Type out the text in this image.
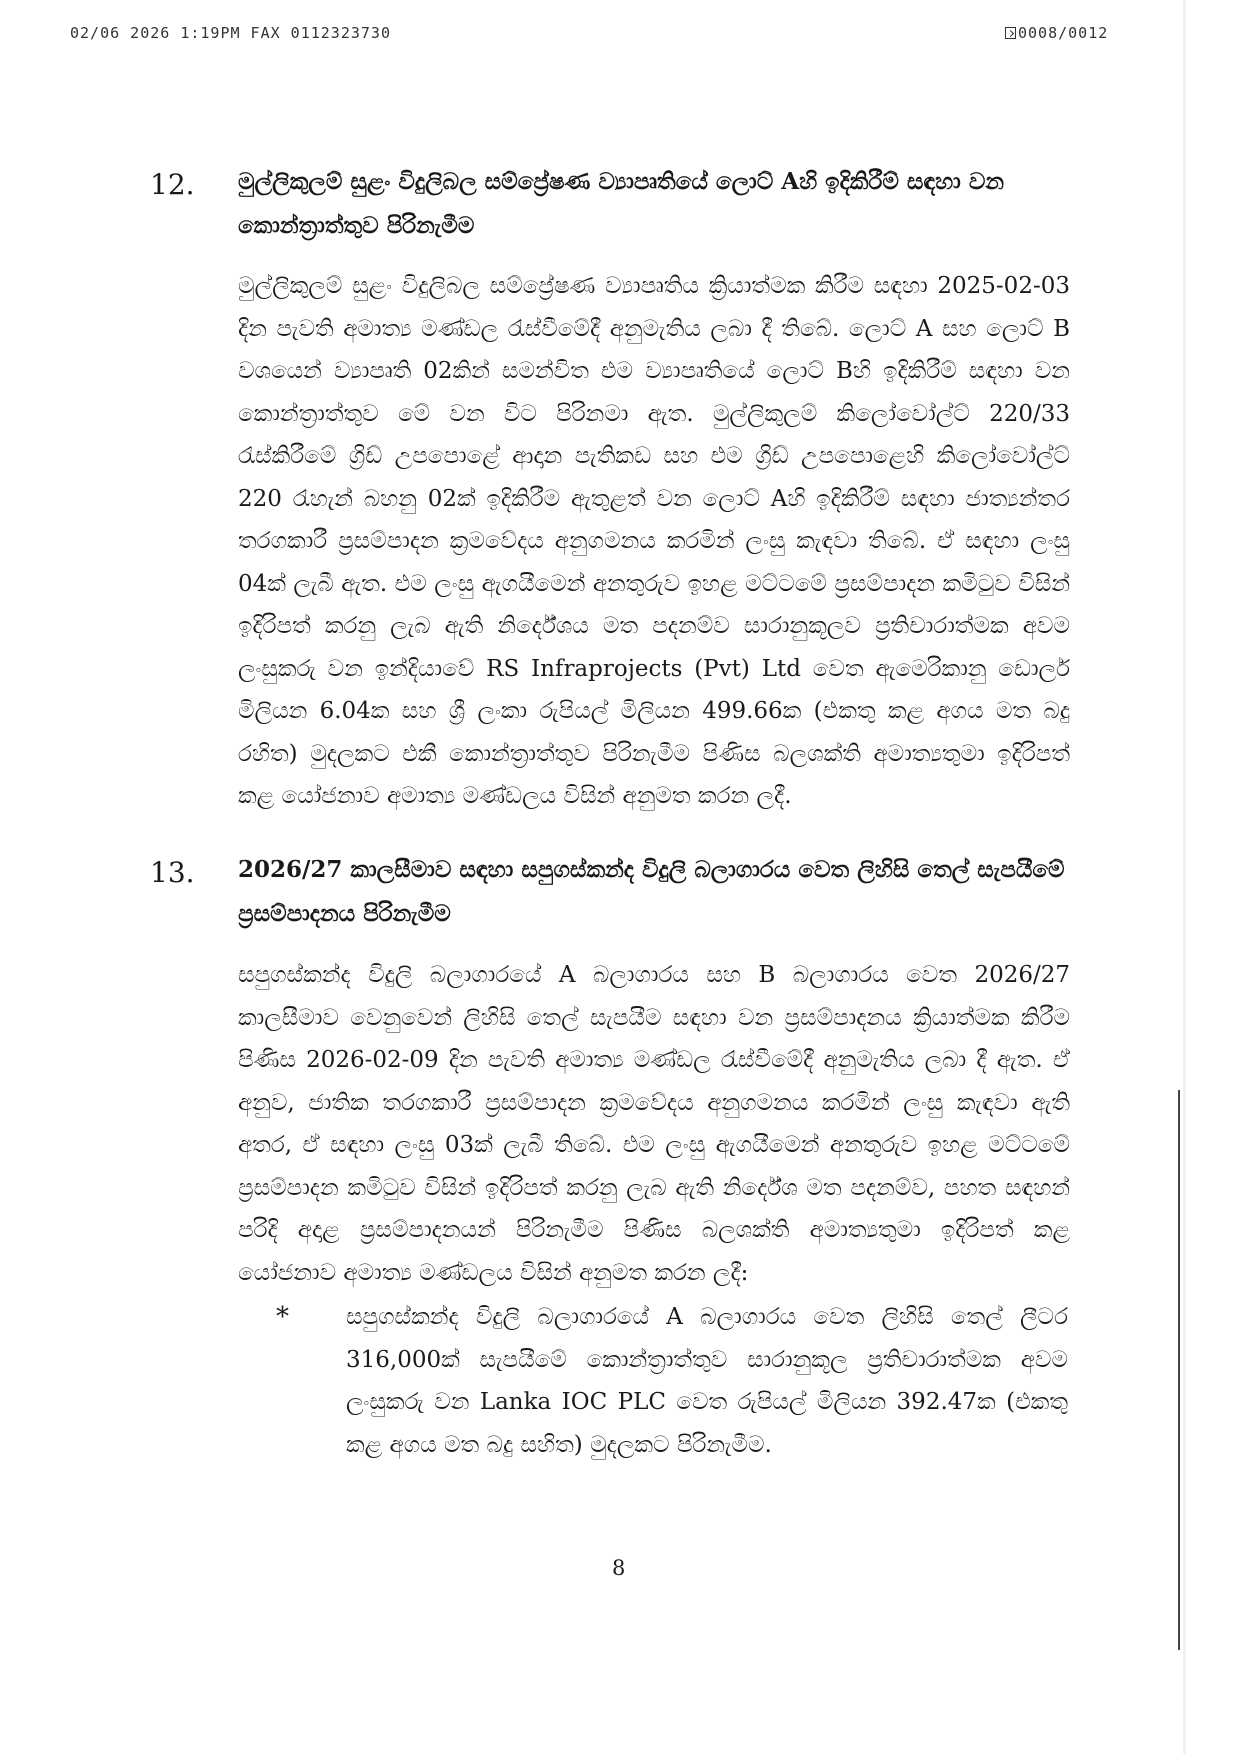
02/06 2026 1:19PM FAX 0112323730	0008/0012
12. මුල්ලිකුලම් සුළං විදුලිබල සම්ප්‍රේෂණ ව්‍යාපෘතියේ ලොට් Aහි ඉදිකිරීම් සඳහා වන කොන්ත්‍රාත්තුව පිරිනැමීම
මුල්ලිකුලම් සුළං විදුලිබල සම්ප්‍රේෂණ ව්‍යාපෘතිය ක්‍රියාත්මක කිරීම සඳහා 2025-02-03 දින පැවති අමාත්‍ය මණ්ඩල රැස්වීමේදී අනුමැතිය ලබා දී තිබේ. ලොට් A සහ ලොට් B වශයෙන් ව්‍යාපෘති 02කින් සමන්විත එම ව්‍යාපෘතියේ ලොට් Bහි ඉදිකිරීම් සඳහා වන කොන්ත්‍රාත්තුව මේ වන විට පිරිනමා ඇත. මුල්ලිකුලම් කිලෝවෝල්ට් 220/33 රැස්කිරීමේ ග්‍රිඩ් උපපොළේ ආදාන පැතිකඩ සහ එම ග්‍රිඩ් උපපොළෙහි කිලෝවෝල්ට් 220 රැහැන් බහනු 02ක් ඉදිකිරීම ඇතුළත් වන ලොට් Aහි ඉදිකිරීම් සඳහා ජාත්‍යන්තර තරගකාරී ප්‍රසම්පාදන ක්‍රමවේදය අනුගමනය කරමින් ලංසු කැඳවා තිබේ. ඒ සඳහා ලංසු 04ක් ලැබී ඇත. එම ලංසු ඇගයීමෙන් අනතුරුව ඉහළ මට්ටමේ ප්‍රසම්පාදන කමිටුව විසින් ඉදිරිපත් කරනු ලැබ ඇති නිර්දේශය මත පදනම්ව සාරානුකූලව ප්‍රතිචාරාත්මක අවම ලංසුකරු වන ඉන්දියාවේ RS Infraprojects (Pvt) Ltd වෙත ඇමෙරිකානු ඩොලර් මිලියන 6.04ක සහ ශ්‍රී ලංකා රුපියල් මිලියන 499.66ක (එකතු කළ අගය මත බදු රහිත) මුදලකට එකී කොන්ත්‍රාත්තුව පිරිනැමීම පිණිස බලශක්ති අමාත්‍යතුමා ඉදිරිපත් කළ යෝජනාව අමාත්‍ය මණ්ඩලය විසින් අනුමත කරන ලදී.
13. 2026/27 කාලසීමාව සඳහා සපුගස්කන්ද විදුලි බලාගාරය වෙත ලිහිසි තෙල් සැපයීමේ ප්‍රසම්පාදනය පිරිනැමීම
සපුගස්කන්ද විදුලි බලාගාරයේ A බලාගාරය සහ B බලාගාරය වෙත 2026/27 කාලසීමාව වෙනුවෙන් ලිහිසි තෙල් සැපයීම සඳහා වන ප්‍රසම්පාදනය ක්‍රියාත්මක කිරීම පිණිස 2026-02-09 දින පැවති අමාත්‍ය මණ්ඩල රැස්වීමේදී අනුමැතිය ලබා දී ඇත. ඒ අනුව, ජාතික තරගකාරී ප්‍රසම්පාදන ක්‍රමවේදය අනුගමනය කරමින් ලංසු කැඳවා ඇති අතර, ඒ සඳහා ලංසු 03ක් ලැබී තිබේ. එම ලංසු ඇගයීමෙන් අනතුරුව ඉහළ මට්ටමේ ප්‍රසම්පාදන කමිටුව විසින් ඉදිරිපත් කරනු ලැබ ඇති නිර්දේශ මත පදනම්ව, පහත සඳහන් පරිදි අදාළ ප්‍රසම්පාදනයන් පිරිනැමීම පිණිස බලශක්ති අමාත්‍යතුමා ඉදිරිපත් කළ යෝජනාව අමාත්‍ය මණ්ඩලය විසින් අනුමත කරන ලදී:
* සපුගස්කන්ද විදුලි බලාගාරයේ A බලාගාරය වෙත ලිහිසි තෙල් ලීටර 316,000ක් සැපයීමේ කොන්ත්‍රාත්තුව සාරානුකූල ප්‍රතිචාරාත්මක අවම ලංසුකරු වන Lanka IOC PLC වෙත රුපියල් මිලියන 392.47ක (එකතු කළ අගය මත බදු සහිත) මුදලකට පිරිනැමීම.
8
